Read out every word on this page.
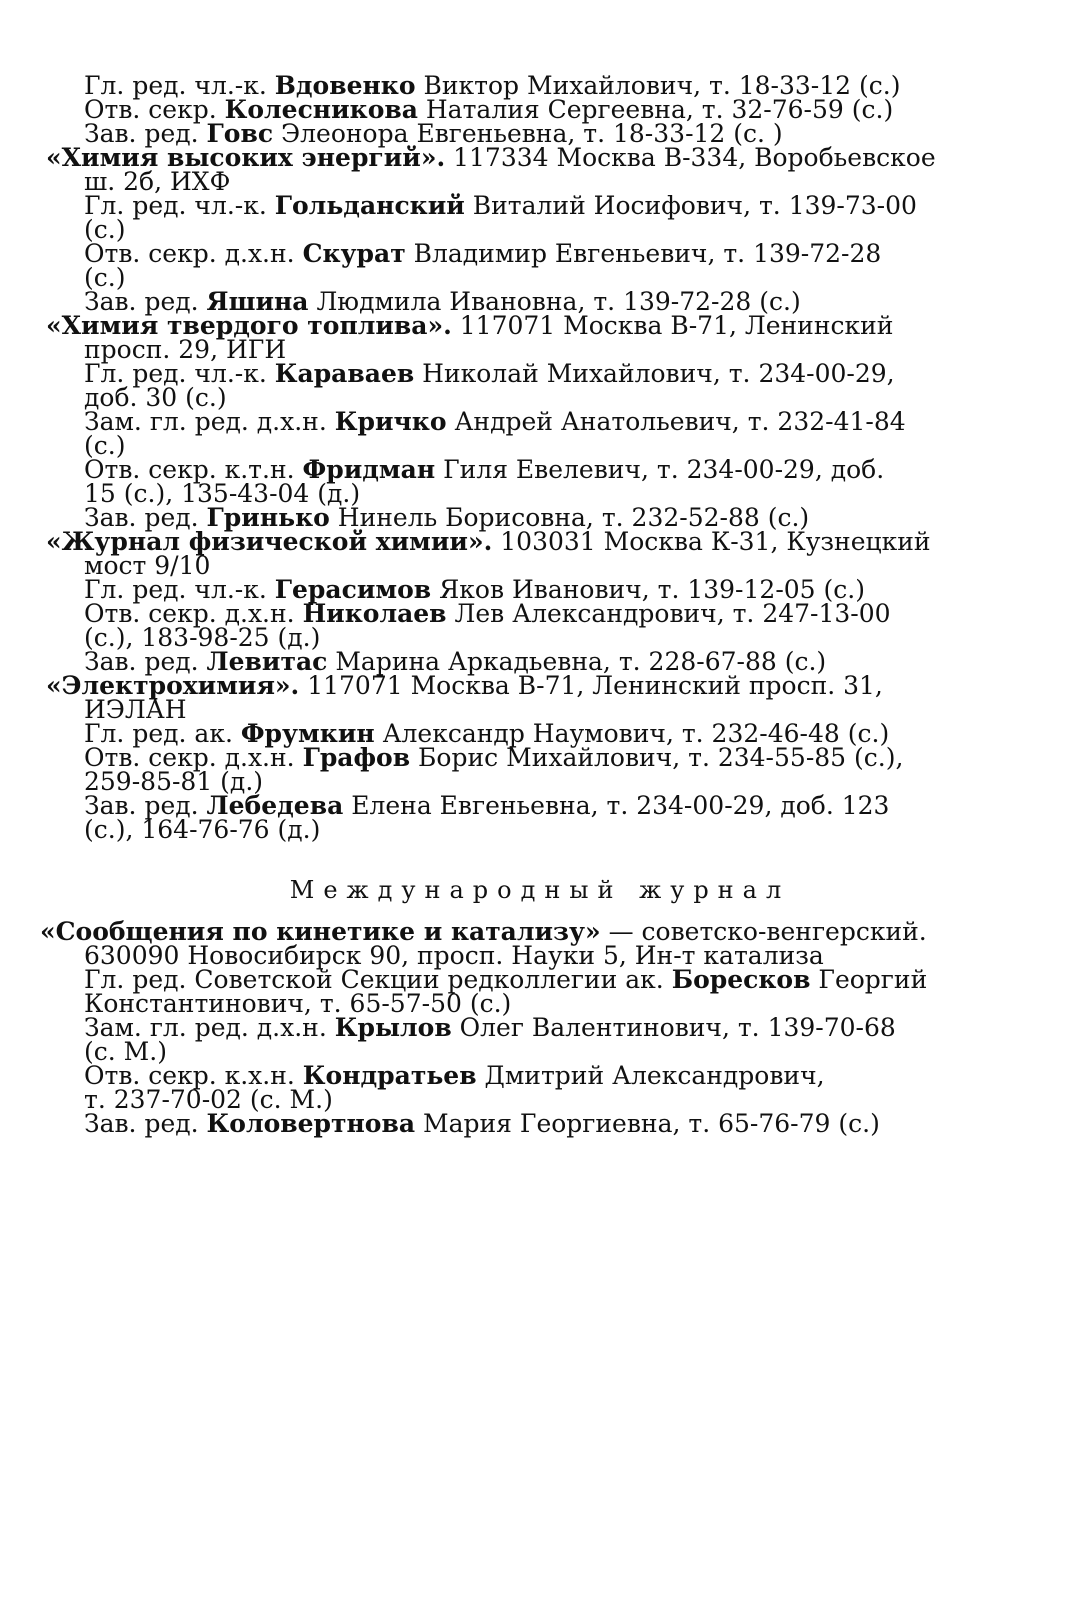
Гл. ред. чл.-к. Вдовенко Виктор Михайлович, т. 18-33-12 (с.)
Отв. секр. Колесникова Наталия Сергеевна, т. 32-76-59 (с.)
Зав. ред. Говс Элеонора Евгеньевна, т. 18-33-12 (с. )
«Химия высоких энергий». 117334 Москва В-334, Воробьевское
ш. 2б, ИХФ
Гл. ред. чл.-к. Гольданский Виталий Иосифович, т. 139-73-00
(с.)
Отв. секр. д.х.н. Скурат Владимир Евгеньевич, т. 139-72-28
(с.)
Зав. ред. Яшина Людмила Ивановна, т. 139-72-28 (с.)
«Химия твердого топлива». 117071 Москва В-71, Ленинский
просп. 29, ИГИ
Гл. ред. чл.-к. Караваев Николай Михайлович, т. 234-00-29,
доб. 30 (с.)
Зам. гл. ред. д.х.н. Кричко Андрей Анатольевич, т. 232-41-84
(с.)
Отв. секр. к.т.н. Фридман Гиля Евелевич, т. 234-00-29, доб.
15 (с.), 135-43-04 (д.)
Зав. ред. Гринько Нинель Борисовна, т. 232-52-88 (с.)
«Журнал физической химии». 103031 Москва К-31, Кузнецкий
мост 9/10
Гл. ред. чл.-к. Герасимов Яков Иванович, т. 139-12-05 (с.)
Отв. секр. д.х.н. Николаев Лев Александрович, т. 247-13-00
(с.), 183-98-25 (д.)
Зав. ред. Левитас Марина Аркадьевна, т. 228-67-88 (с.)
«Электрохимия». 117071 Москва В-71, Ленинский просп. 31,
ИЭЛАН
Гл. ред. ак. Фрумкин Александр Наумович, т. 232-46-48 (с.)
Отв. секр. д.х.н. Графов Борис Михайлович, т. 234-55-85 (с.),
259-85-81 (д.)
Зав. ред. Лебедева Елена Евгеньевна, т. 234-00-29, доб. 123
(с.), 164-76-76 (д.)
Международный журнал
«Сообщения по кинетике и катализу» — советско-венгерский.
630090 Новосибирск 90, просп. Науки 5, Ин-т катализа
Гл. ред. Советской Секции редколлегии ак. Боресков Георгий
Константинович, т. 65-57-50 (с.)
Зам. гл. ред. д.х.н. Крылов Олег Валентинович, т. 139-70-68
(с. М.)
Отв. секр. к.х.н. Кондратьев Дмитрий Александрович,
т. 237-70-02 (с. М.)
Зав. ред. Коловертнова Мария Георгиевна, т. 65-76-79 (с.)
